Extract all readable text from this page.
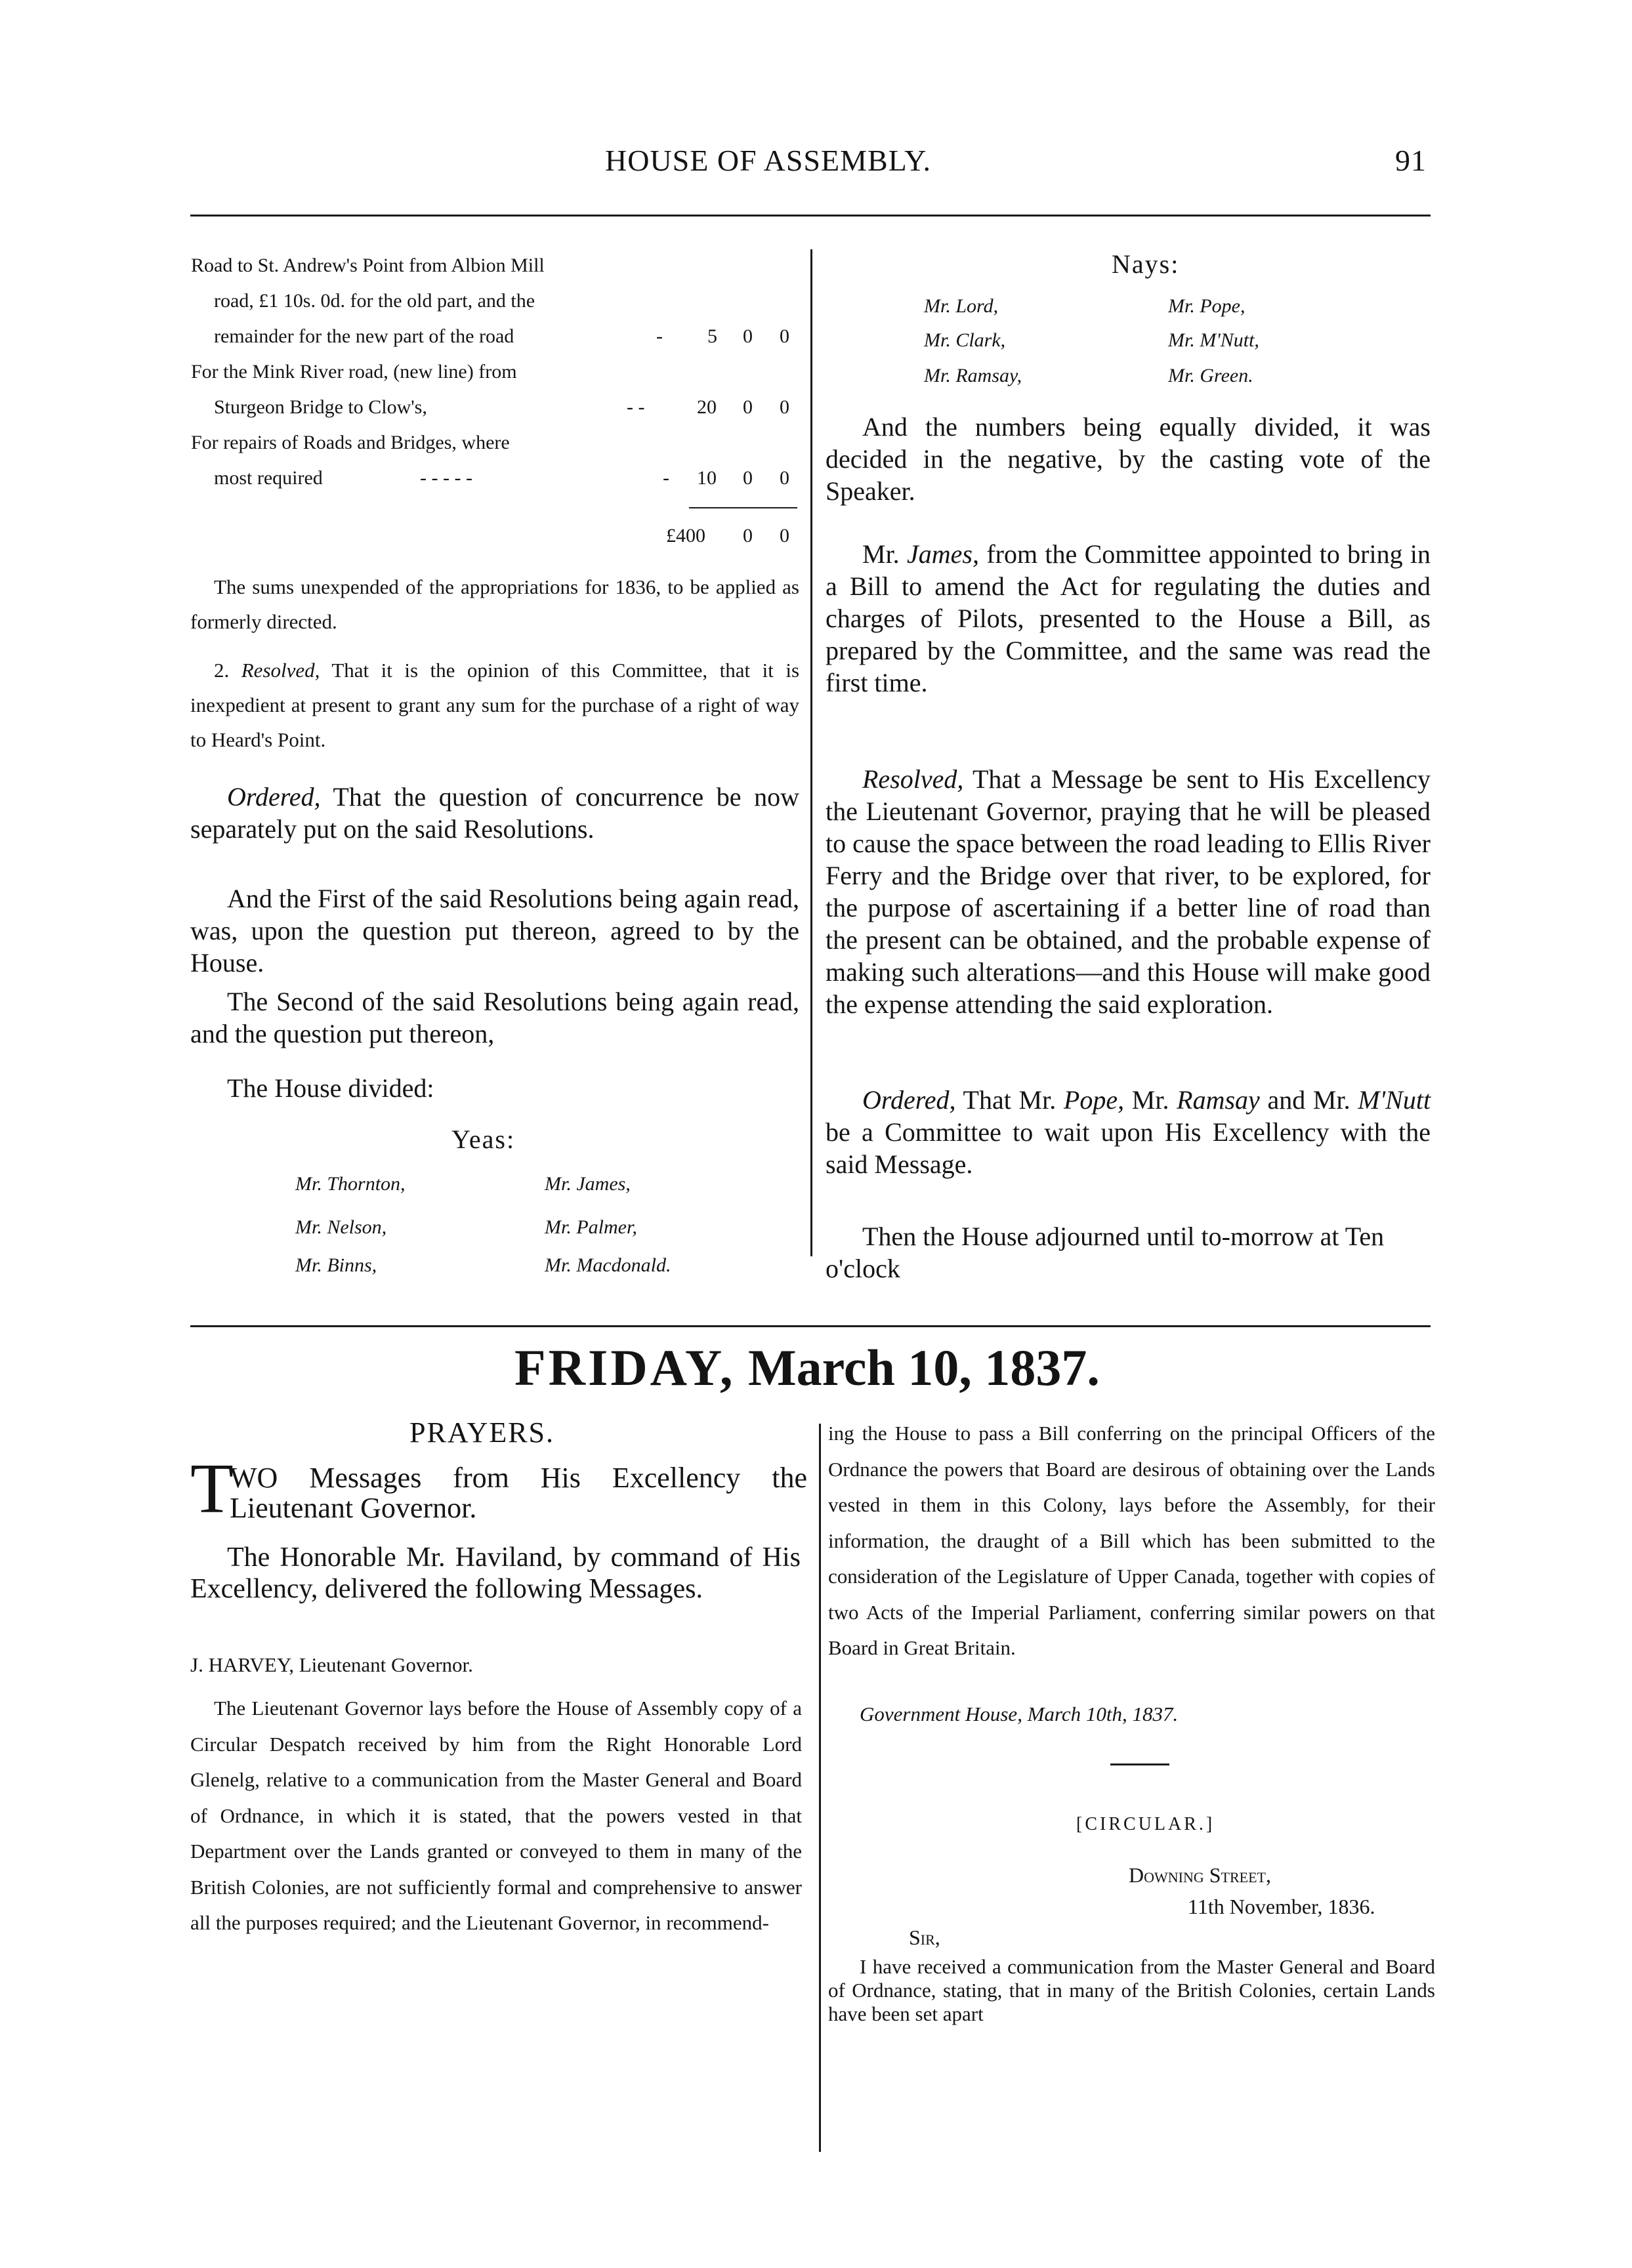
HOUSE OF ASSEMBLY.	91
Road to St. Andrew's Point from Albion Mill
road, £1 10s. 0d. for the old part, and the
remainder for the new part of the road	- 5 0 0
For the Mink River road, (new line) from
Sturgeon Bridge to Clow's,	- -	20 0 0
For repairs of Roads and Bridges, where
most required	- - - - -	- 10 0 0
£400 0 0
The sums unexpended of the appropriations for 1836, to be applied as formerly directed.
2. Resolved, That it is the opinion of this Committee, that it is inexpedient at present to grant any sum for the purchase of a right of way to Heard's Point.
Ordered, That the question of concurrence be now separately put on the said Resolutions.
And the First of the said Resolutions being again read, was, upon the question put thereon, agreed to by the House.
The Second of the said Resolutions being again read, and the question put thereon,
The House divided:
Yeas:
Mr. Thornton,	Mr. James,
Mr. Nelson,	Mr. Palmer,
Mr. Binns,	Mr. Macdonald.
Nays:
Mr. Lord,	Mr. Pope,
Mr. Clark,	Mr. M'Nutt,
Mr. Ramsay,	Mr. Green.
And the numbers being equally divided, it was decided in the negative, by the casting vote of the Speaker.
Mr. James, from the Committee appointed to bring in a Bill to amend the Act for regulating the duties and charges of Pilots, presented to the House a Bill, as prepared by the Committee, and the same was read the first time.
Resolved, That a Message be sent to His Excellency the Lieutenant Governor, praying that he will be pleased to cause the space between the road leading to Ellis River Ferry and the Bridge over that river, to be explored, for the purpose of ascertaining if a better line of road than the present can be obtained, and the probable expense of making such alterations—and this House will make good the expense attending the said exploration.
Ordered, That Mr. Pope, Mr. Ramsay and Mr. M'Nutt be a Committee to wait upon His Excellency with the said Message.
Then the House adjourned until to-morrow at Ten o'clock
FRIDAY, March 10, 1837.
PRAYERS.
T
WO Messages from His Excellency the Lieutenant Governor.
The Honorable Mr. Haviland, by command of His Excellency, delivered the following Messages.
J. HARVEY, Lieutenant Governor.
The Lieutenant Governor lays before the House of Assembly copy of a Circular Despatch received by him from the Right Honorable Lord Glenelg, relative to a communication from the Master General and Board of Ordnance, in which it is stated, that the powers vested in that Department over the Lands granted or conveyed to them in many of the British Colonies, are not sufficiently formal and comprehensive to answer all the purposes required; and the Lieutenant Governor, in recommend-
ing the House to pass a Bill conferring on the principal Officers of the Ordnance the powers that Board are desirous of obtaining over the Lands vested in them in this Colony, lays before the Assembly, for their information, the draught of a Bill which has been submitted to the consideration of the Legislature of Upper Canada, together with copies of two Acts of the Imperial Parliament, conferring similar powers on that Board in Great Britain.
Government House, March 10th, 1837.
[CIRCULAR.]
Downing Street,
11th November, 1836.
Sir,
I have received a communication from the Master General and Board of Ordnance, stating, that in many of the British Colonies, certain Lands have been set apart
